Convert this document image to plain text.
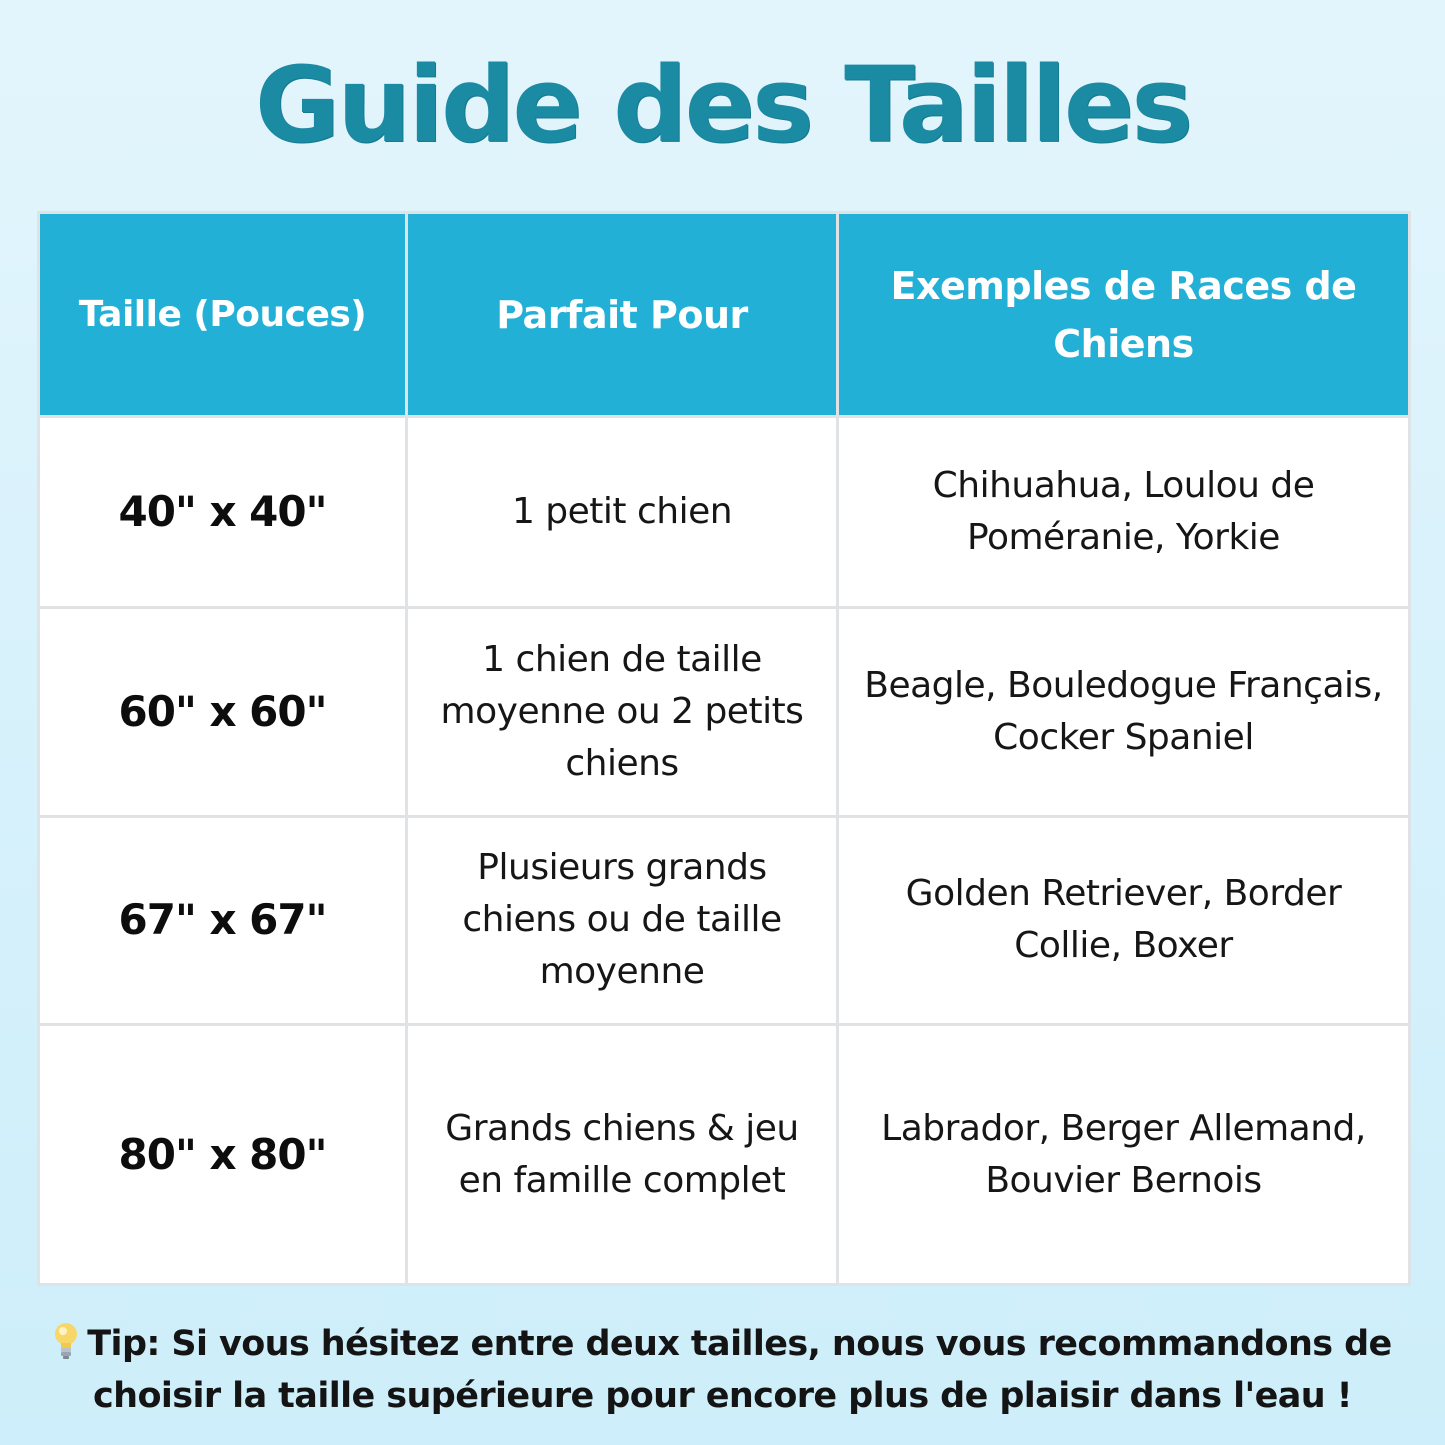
Guide des Tailles
Taille (Pouces)	Parfait Pour	Exemples de Races de Chiens
40" x 40"	1 petit chien	Chihuahua, Loulou de Poméranie, Yorkie
60" x 60"	1 chien de taille moyenne ou 2 petits chiens	Beagle, Bouledogue Français, Cocker Spaniel
67" x 67"	Plusieurs grands chiens ou de taille moyenne	Golden Retriever, Border Collie, Boxer
80" x 80"	Grands chiens & jeu en famille complet	Labrador, Berger Allemand, Bouvier Bernois
Tip: Si vous hésitez entre deux tailles, nous vous recommandons de choisir la taille supérieure pour encore plus de plaisir dans l'eau !
